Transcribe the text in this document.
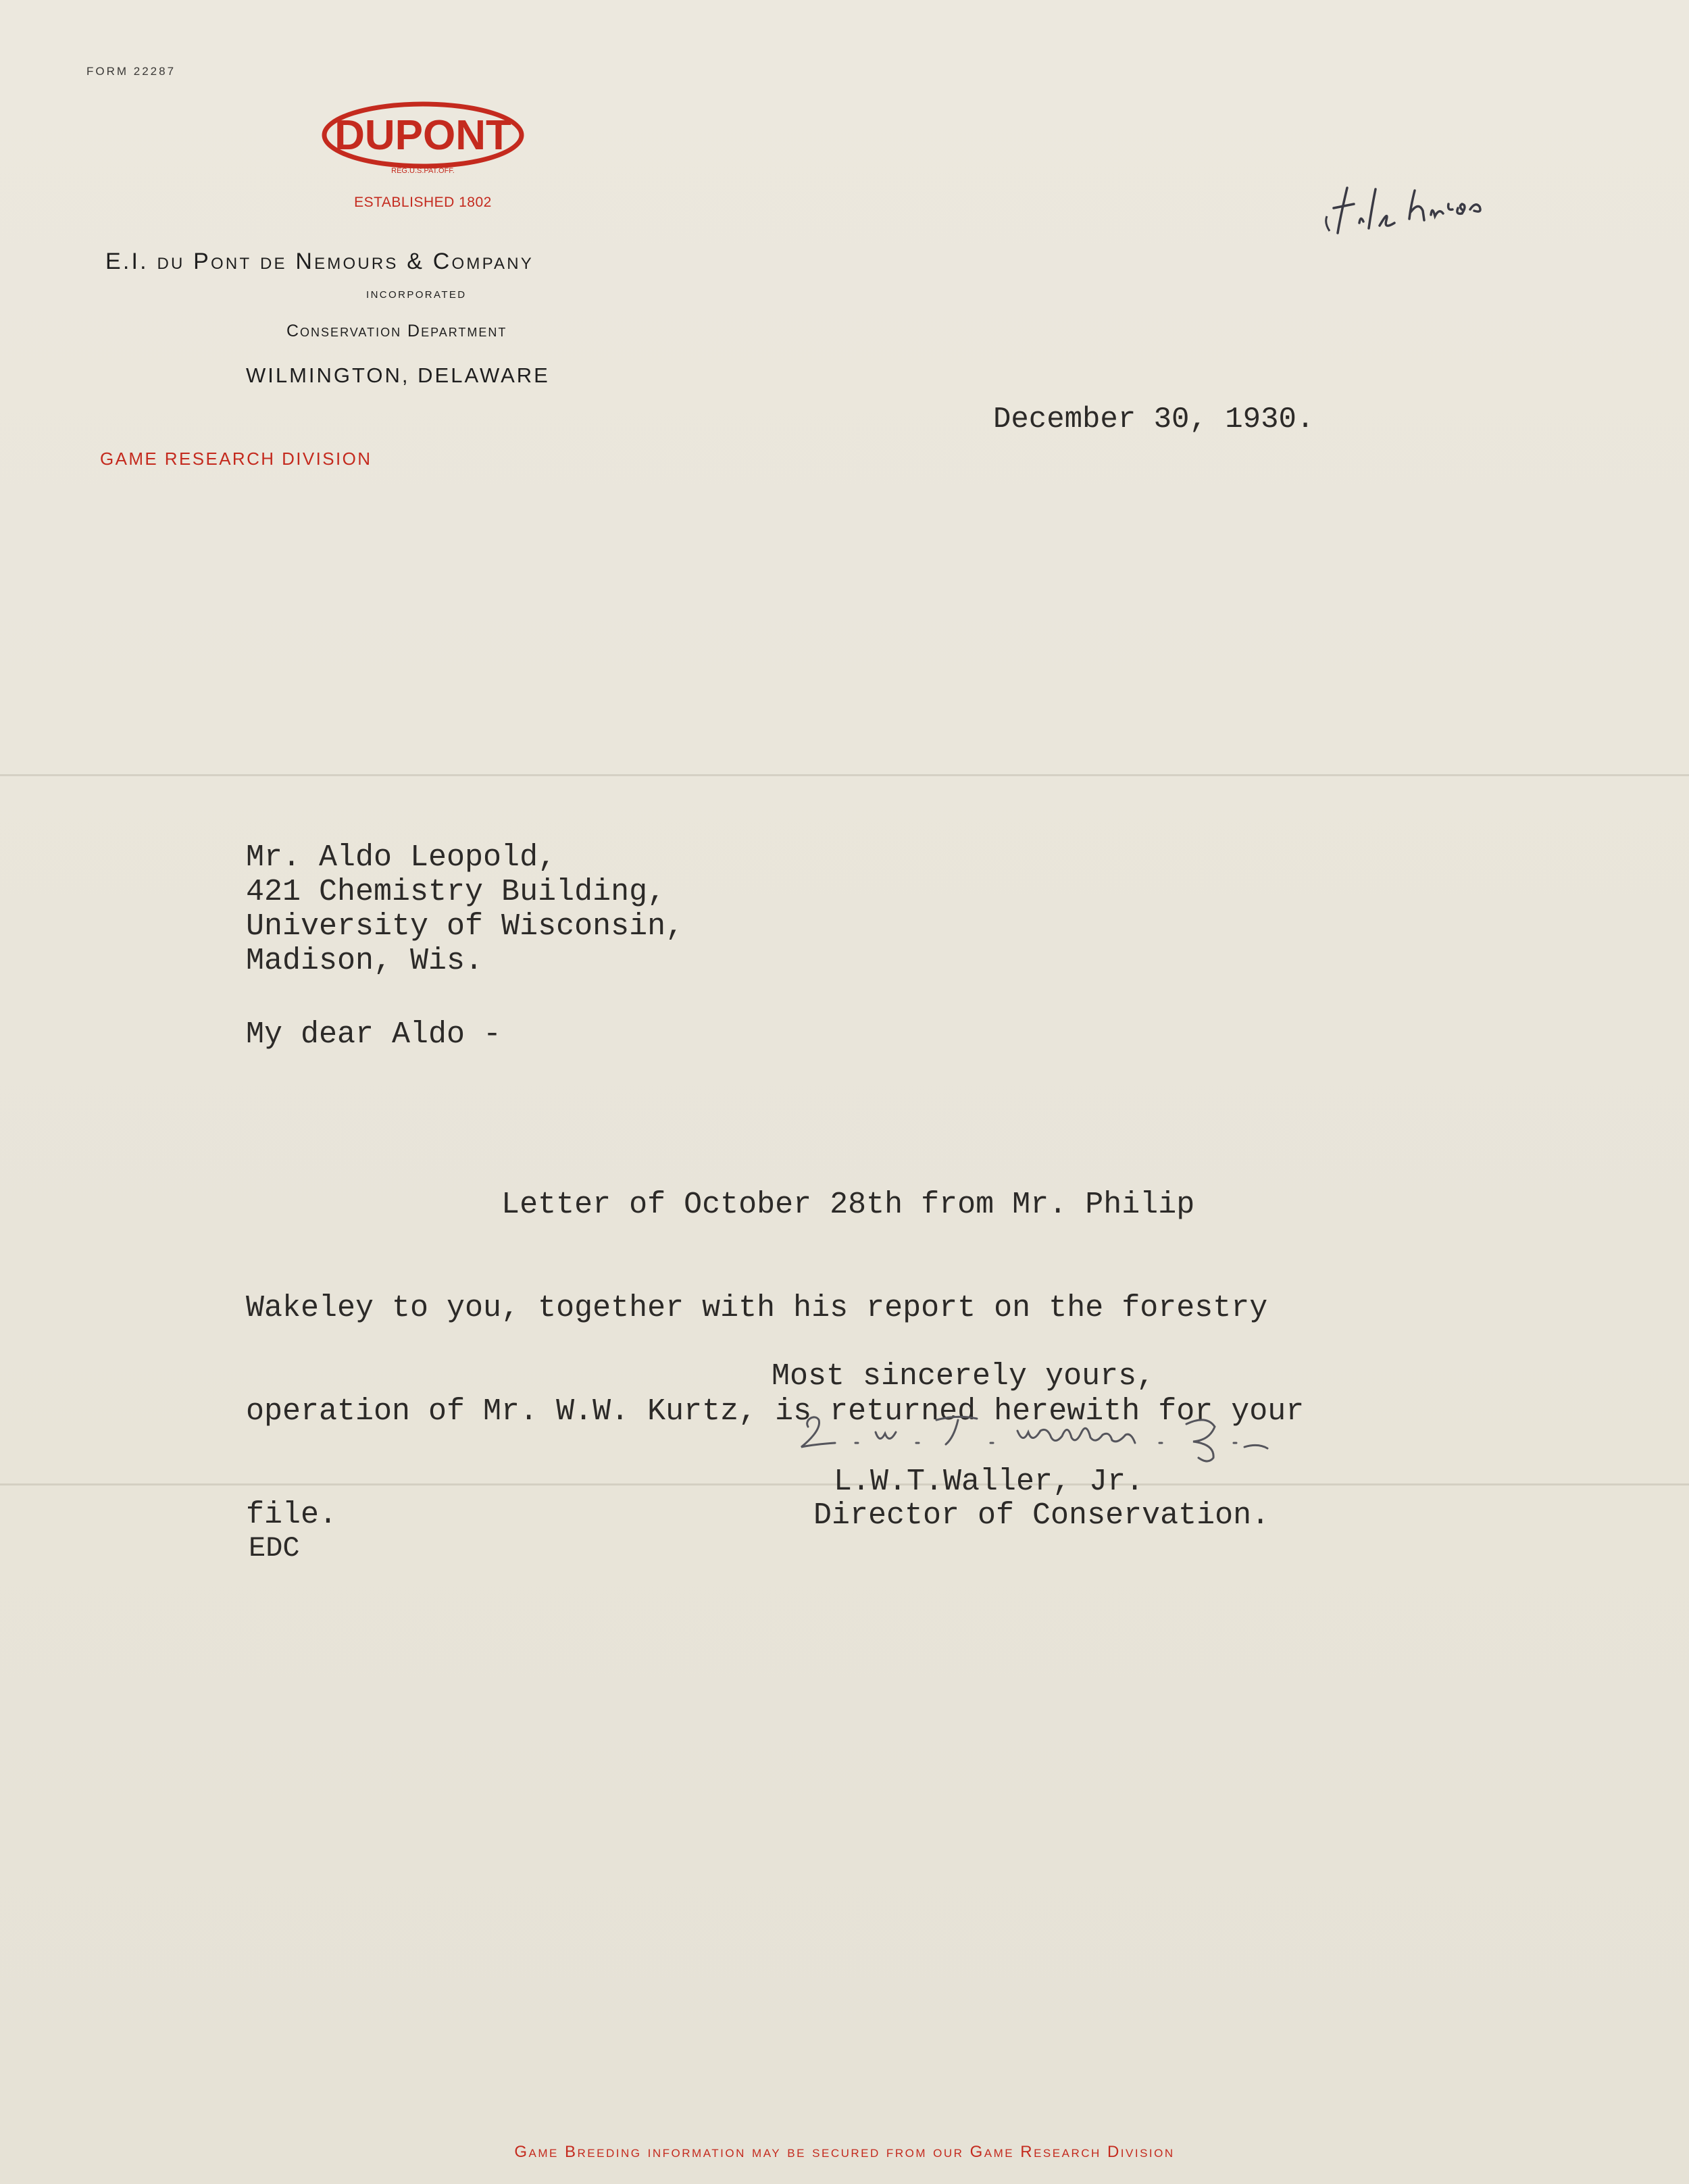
FORM 22287
DUPONT
REG.U.S.PAT.OFF.
ESTABLISHED 1802
E.I. du Pont de Nemours & Company
INCORPORATED
Conservation Department
WILMINGTON, DELAWARE
GAME RESEARCH DIVISION
December 30, 1930.
Mr. Aldo Leopold,
421 Chemistry Building,
University of Wisconsin,
Madison, Wis.
My dear Aldo -

Letter of October 28th from Mr. Philip

Wakeley to you, together with his report on the forestry

operation of Mr. W.W. Kurtz, is returned herewith for your

file.

Most sincerely yours,
L.W.T.Waller, Jr.
Director of Conservation.
EDC
Game Breeding information may be secured from our Game Research Division
